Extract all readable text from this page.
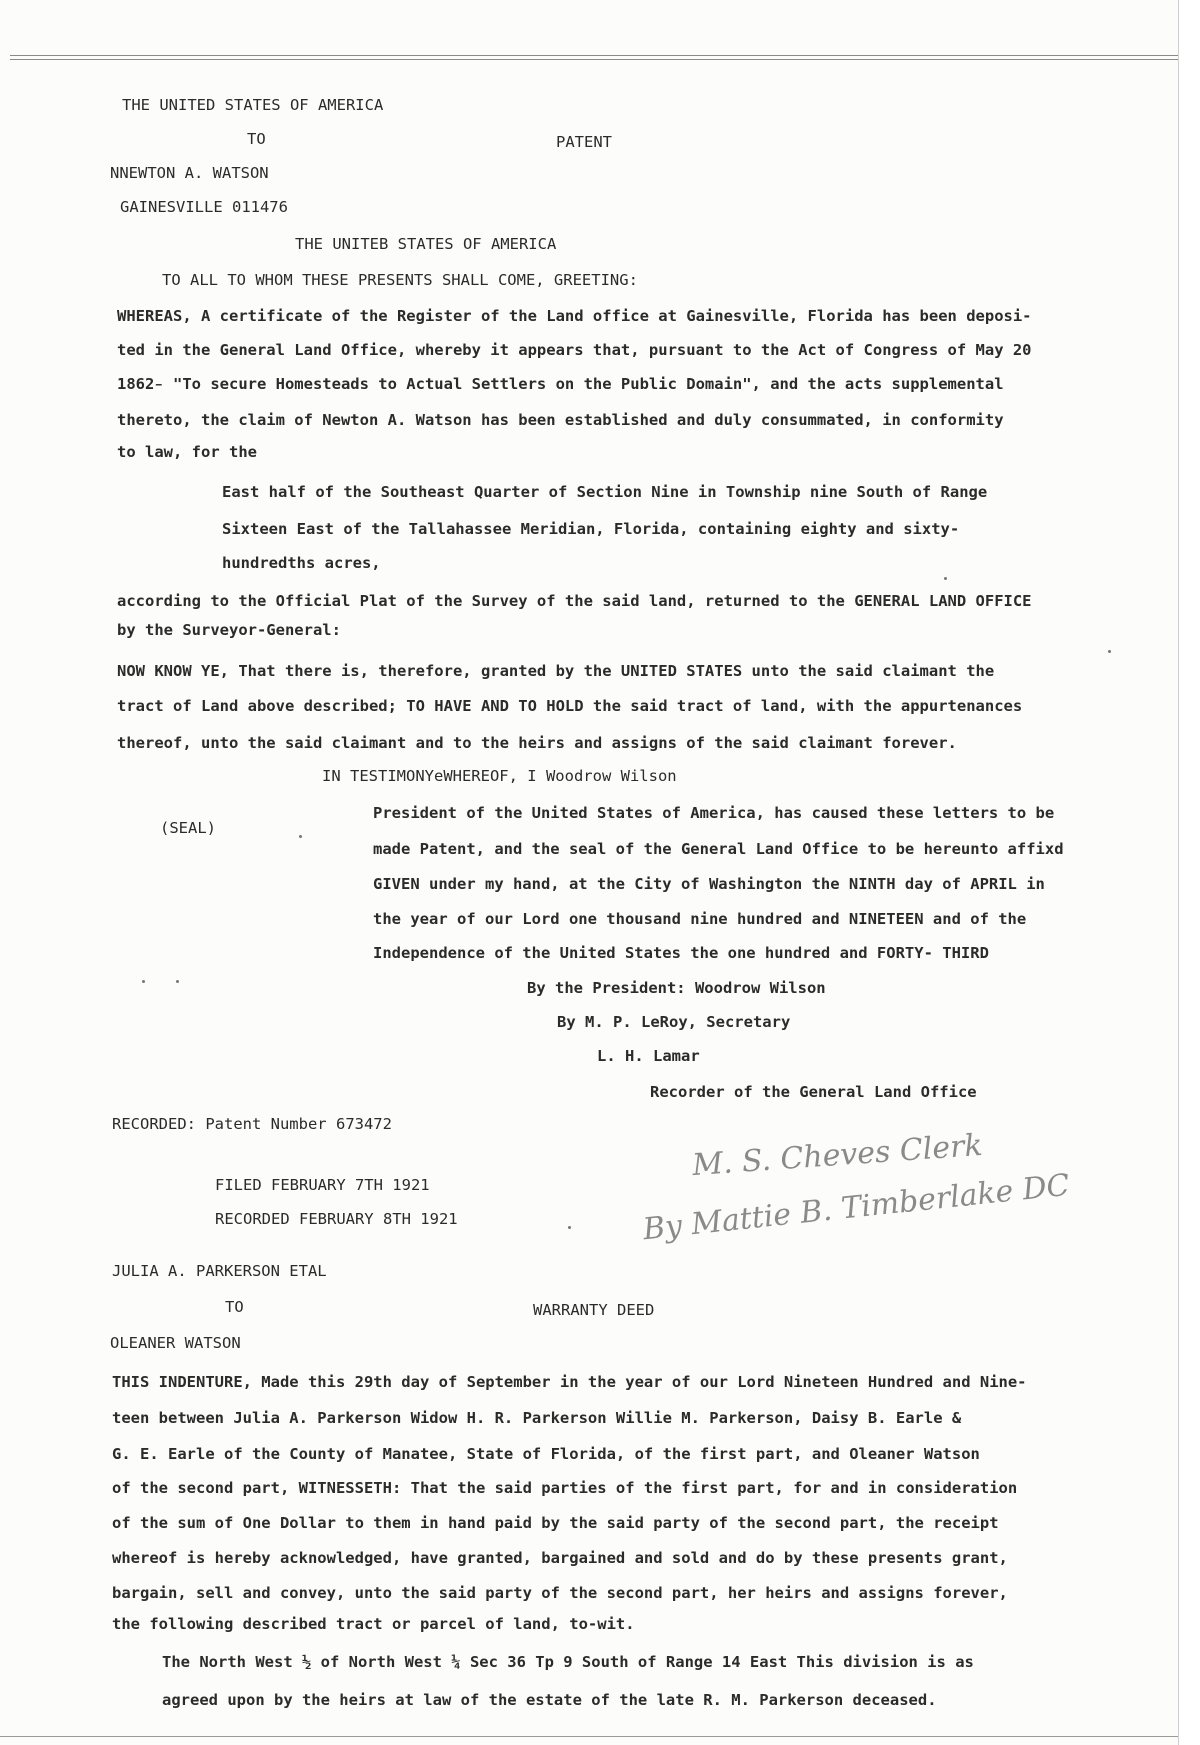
THE UNITED STATES OF AMERICA

TO	PATENT

NNEWTON A. WATSON

GAINESVILLE 011476

THE UNITEB STATES OF AMERICA

TO ALL TO WHOM THESE PRESENTS SHALL COME, GREETING:

WHEREAS, A certificate of the Register of the Land office at Gainesville, Florida has been deposi-

ted in the General Land Office, whereby it appears that, pursuant to the Act of Congress of May 20

1862̵ "To secure Homesteads to Actual Settlers on the Public Domain", and the acts supplemental

thereto, the claim of Newton A. Watson has been established and duly consummated, in conformity

to law, for the

East half of the Southeast Quarter of Section Nine in Township nine South of Range

Sixteen East of the Tallahassee Meridian, Florida, containing eighty and sixty-

hundredths acres,

according to the Official Plat of the Survey of the said land, returned to the GENERAL LAND OFFICE

by the Surveyor-General:

NOW KNOW YE, That there is, therefore, granted by the UNITED STATES unto the said claimant the

tract of Land above described; TO HAVE AND TO HOLD the said tract of land, with the appurtenances

thereof, unto the said claimant and to the heirs and assigns of the said claimant forever.

IN TESTIMONYeWHEREOF, I Woodrow Wilson

(SEAL)

President of the United States of America, has caused these letters to be

made Patent, and the seal of the General Land Office to be hereunto affixd

GIVEN under my hand, at the City of Washington the NINTH day of APRIL in

the year of our Lord one thousand nine hundred and NINETEEN and of the

Independence of the United States the one hundred and FORTY- THIRD

By the President: Woodrow Wilson

By M. P. LeRoy, Secretary

L. H. Lamar

Recorder of the General Land Office

RECORDED: Patent Number 673472

FILED FEBRUARY 7TH 1921

RECORDED FEBRUARY 8TH 1921

M. S. Cheves Clerk
By Mattie B. Timberlake DC

JULIA A. PARKERSON ETAL

TO	WARRANTY DEED

OLEANER WATSON

THIS INDENTURE, Made this 29th day of September in the year of our Lord Nineteen Hundred and Nine-

teen between Julia A. Parkerson Widow H. R. Parkerson Willie M. Parkerson, Daisy B. Earle &

G. E. Earle of the County of Manatee, State of Florida, of the first part, and Oleaner Watson

of the second part, WITNESSETH: That the said parties of the first part, for and in consideration

of the sum of One Dollar to them in hand paid by the said party of the second part, the receipt

whereof is hereby acknowledged, have granted, bargained and sold and do by these presents grant,

bargain, sell and convey, unto the said party of the second part, her heirs and assigns forever,

the following described tract or parcel of land, to-wit.

The North West ½ of North West ¼ Sec 36 Tp 9 South of Range 14 East This division is as

agreed upon by the heirs at law of the estate of the late R. M. Parkerson deceased.
